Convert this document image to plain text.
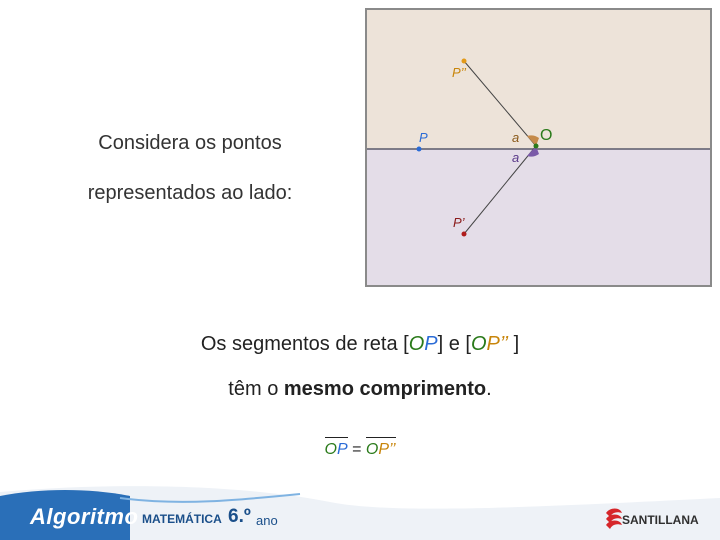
Considera os pontos
representados ao lado:
P’’
P	a
a
O
P’
Os segmentos de reta [OP] e [OP’’ ]
têm o mesmo comprimento.
OP = OP’’
Algoritmo MATEMÁTICA 6.º ano	SANTILLANA
